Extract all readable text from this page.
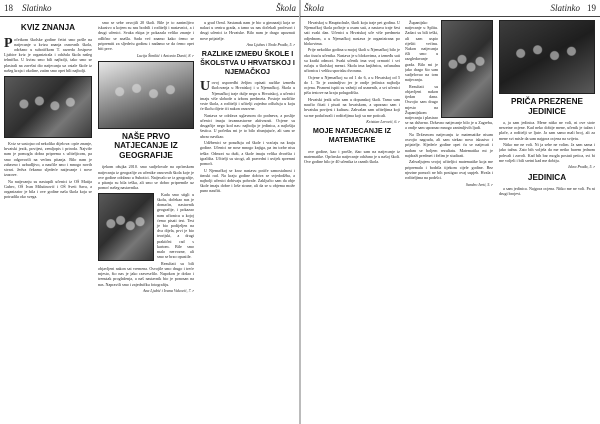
18 Slatinko	Škola
KVIZ ZNANJA

Početkom školske godine četiri smo pošle na natjecanje u kvizu znanja osnovnih škola, održano u subotičkom T. razreda Josipove Ljubice kviz je organizirala i održala škola našeg tehnička. U kvizu smo bili najbolji, tako smo se plasirali na završni dio natjecanja uz ostale škole iz našeg kraja i okoline, zatim smo opet bili najbolji.

Kviz se sastojao od nekoliko dijelova: opće znanje, hrvatski jezik, povijest, zemljopis i priroda. Najviše nam je pomogla dobra priprema s učiteljicom, pa smo odgovorili na većinu pitanja. Bilo nam je zabavno i uzbudljivo, a naučile smo i mnogo novih stvari. Jedva čekamo sljedeće natjecanje i nove izazove.

Na natjecanju su nastupili učenici iz OŠ Matija Gubec, OŠ Ivan Milutinović i OŠ Sveti Sava, a organizator je bila i ove godine naša škola koja se potrudila oko svega.

smo se sebe osvojili 20 školi. Bile je to zanimljivo iskustvo u kojem su nas bodrili i roditelji i nastavnici, a i drugi učenici. Svaka ekipa je pokazala veliko znanje i odlično se snašla. Sada već znamo kako ćemo se pripremiti za sljedeću godinu i nadamo se da ćemo opet biti prve.

Lucija Šimikić i Antonia Dunić, 8. r
NAŠE PRVO NATJECANJE IZ GEOGRAFIJE

ijekom ožujka 2010. smo sudjelovale na općinskom natjecanju iz geografije za učenike osnovnih škola koje je ove godine održano u Subotici. Natjecalo se iz geografije, a pitanja su bila teška, ali smo se dobro pripremile uz pomoć našeg nastavnika.

Kada smo stigli u školu, dočekao nas je domaćin, nastavnik geografije, i pokazao nam učionicu u kojoj ćemo pisati test. Test je bio podijeljen na dva dijela, prvi je bio teorijski, a drugi praktični rad s kartom. Bile smo malo nervozne, ali smo se brzo opustile.

Rezultati su bili objavljeni nakon sat vremena. Osvojile smo drugo i treće mjesto, što nas je jako razveselilo. Napokon je došao i trenutak proglašenja, a naš nastavnik bio je ponosan na nas. Napravili smo i zajedničku fotografiju.

Ana Ljubić i Ivana Vuković, 7. r

u grad Orml. Sastanak nam je bio u gimnaziji koja se nalazi u centru grada, a tamo su nas dočekali profesori i drugi učenici iz Hrvatske. Bilo nam je drago upoznati nove prijatelje.

Ana Ljubas i Neda Prađa, 5. r
RAZLIKE IZMEĐU ŠKOLE I ŠKOLSTVA U HRVATSKOJ I NJEMAČKOJ

U ovoj usporedbi željim opisati razlike između školovanja u Hrvatskoj i u Njemačkoj. Škola u Njemačkoj traje dulje nego u Hrvatskoj, a učenici imaju više slobode u izboru predmeta. Postoje različite vrste škola, a roditelji i učitelji zajedno odlučuju u koju će školu dijete ići nakon osnovne.

Nastava se održava uglavnom do podneva, a poslije učenici imaju izvannastavne aktivnosti. Ocjene su drugačije nego kod nas: najbolja je jedinica, a najlošija šestica. U početku mi je to bilo zbunjujuće, ali sam se ubrzo navikao.

Udžbenici se posuđuju od škole i vraćaju na kraju godine. Učenici ne nose mnogo knjiga, pa im torbe nisu teške. Odmori su duži, a škole imaju velika dvorišta i igrališta. Učitelji su strogi, ali pravedni i uvijek spremni pomoći.

U Njemačkoj se kroz nastavu potiče samostalnost i timski rad. Na kraju godine dobiva se svjedodžba, a najbolji učenici dobivaju pohvale. Zaključio sam da obje škole imaju dobre i loše strane, ali da se u objema može puno naučiti.

Škola	Slatinko 19

Hrvatskoj u Hauptschule, školi koja traje pet godina. U Njemačkoj škola počinje u osam sati, a nastava traje šest sati svaki dan. Učenici u Hrvatskoj uče više predmeta odjednom, a u Njemačkoj nastava je organizirana po blokovima.

Prije nekoliko godina u mojoj školi u Njemačkoj bilo je oko tisuću učenika. Nastava je u blokovima, a između sati su kratki odmori. Svaki učenik ima svoj ormarić i svi ručaju u školskoj menzi. Škola ima knjižnicu, računalnu učionicu i veliku sportsku dvoranu.

Ocjene u Njemačkoj su od 1 do 6, a u Hrvatskoj od 5 do 1. To je zanimljivo jer je ondje jedinica najbolja ocjena. Pismeni ispiti su važniji od usmenih, a svi učenici pišu testove na kraju polugodišta.

Hrvatski jezik učio sam u dopunskoj školi. Tamo sam naučio čitati i pisati na hrvatskom, a upoznao sam i hrvatsku povijest i kulturu. Zahvalan sam učiteljima koji su me podučavali i roditeljima koji su me poticali.

Kristian Lerović, 6. r
MOJE NATJECANJE IZ MATEMATIKE

ove godine, kao i prošle, išao sam na natjecanje iz matematike. Općinsko natjecanje održano je u našoj školi. Ove godine bilo je 40 učenika iz raznih škola.

Županijsko natjecanje u Splitu. Zadaci su bili teški, ali sam uspio riješiti većinu. Nakon natjecanja išli smo u razgledavanje grada. Bilo mi je jako drago što sam sudjelovao na tom natjecanju.

Rezultati su objavljeni nakon tjedan dana. Osvojio sam drugo mjesto na Županijskom natjecanju i plasirao se na državno. Državno natjecanje bilo je u Zagrebu, a ondje sam upoznao mnogo zanimljivih ljudi.

Na Državnom natjecanju iz matematike nisam osvojio nagradu, ali sam stekao novo iskustvo i prijatelje. Sljedeće godine opet ću se natjecati i nadam se boljem rezultatu. Matematika mi je najdraži predmet i želim je studirati.

Zahvaljujem svojoj učiteljici matematike koja me pripremala i bodrila tijekom cijele godine. Bez njezine pomoći ne bih postigao ovaj uspjeh. Hvala i roditeljima na podršci.

Sandro Iveti, 5. r
PRIČA PREZRENE JEDINICE

a, ja sam jedinica. Mene nitko ne voli, ni ove stote nesretne ocjene. Kad neko dobije mene, učenik je tužan i plače, a roditelji se ljute. Ja sam samo mali broj, ali za mene svi misle da sam najgora ocjena na svijetu.

Nitko me ne voli. Ni ja sebe ne volim. Ja sam sama i jako tužna. Zato bih voljela da me netko barem jednom pohvali i zavoli. Kad bih bar mogla postati petica, svi bi me voljeli i bili sretni kad me dobiju.

Iskra Prađa, 5. r
JEDINICA

a sam jedinica. Najgora ocjena. Nitko me ne voli. Pa ni drugi brojevi.
